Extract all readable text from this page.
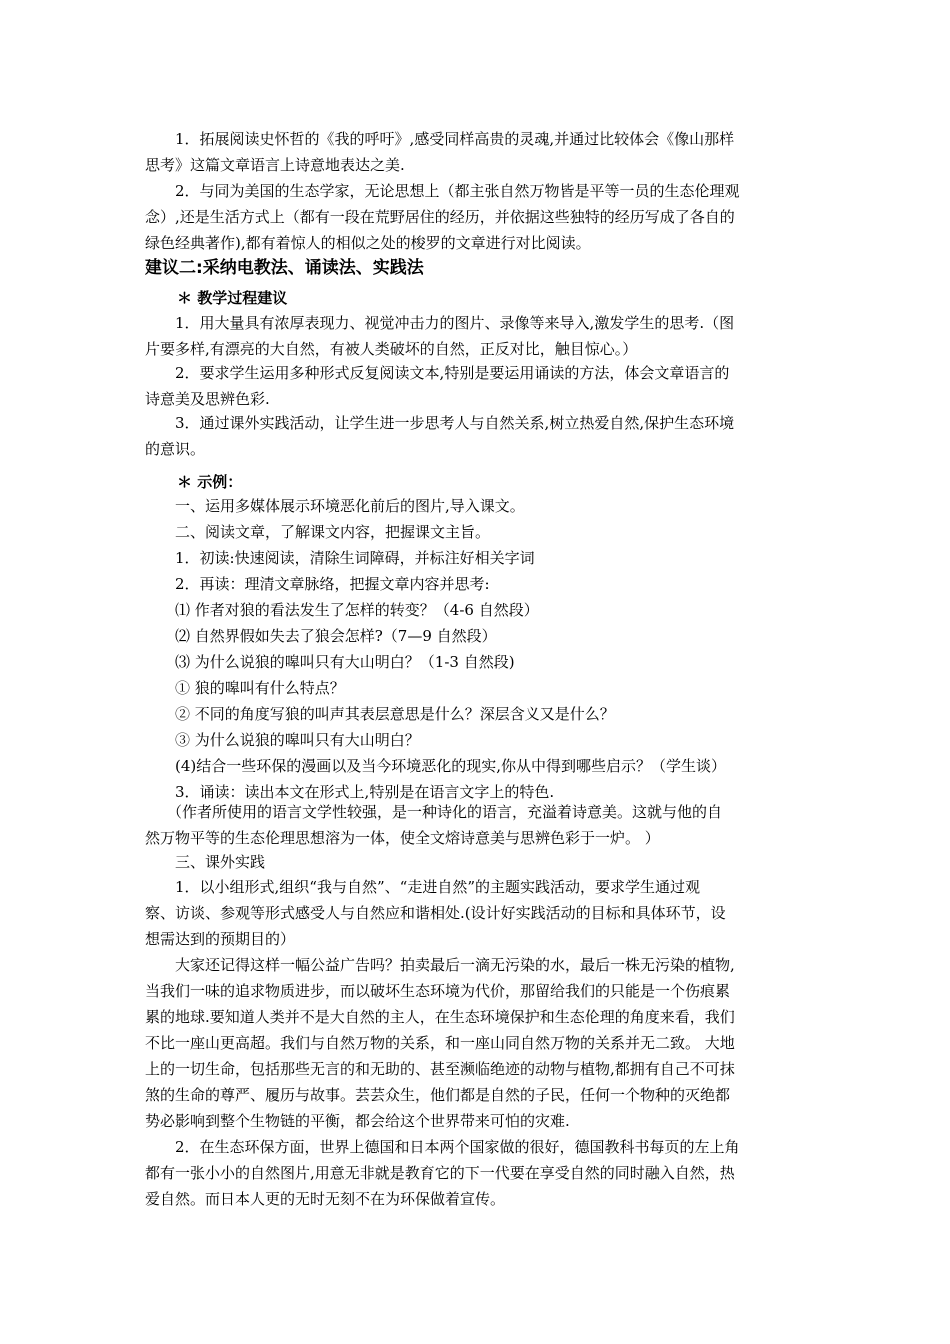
1．拓展阅读史怀哲的《我的呼吁》,感受同样高贵的灵魂,并通过比较体会《像山那样
思考》这篇文章语言上诗意地表达之美.
2．与同为美国的生态学家，无论思想上（都主张自然万物皆是平等一员的生态伦理观
念）,还是生活方式上（都有一段在荒野居住的经历，并依据这些独特的经历写成了各自的
绿色经典著作),都有着惊人的相似之处的梭罗的文章进行对比阅读。
建议二:采纳电教法、诵读法、实践法
＊ 教学过程建议
1．用大量具有浓厚表现力、视觉冲击力的图片、录像等来导入,激发学生的思考.（图
片要多样,有漂亮的大自然，有被人类破坏的自然，正反对比，触目惊心。）
2．要求学生运用多种形式反复阅读文本,特别是要运用诵读的方法，体会文章语言的
诗意美及思辨色彩.
3．通过课外实践活动，让学生进一步思考人与自然关系,树立热爱自然,保护生态环境
的意识。
＊ 示例：
一、运用多媒体展示环境恶化前后的图片,导入课文。
二、阅读文章，了解课文内容，把握课文主旨。
1．初读:快速阅读，清除生词障碍，并标注好相关字词
2．再读：理清文章脉络，把握文章内容并思考:
⑴ 作者对狼的看法发生了怎样的转变？（4-6 自然段）
⑵ 自然界假如失去了狼会怎样?（7—9 自然段）
⑶ 为什么说狼的嗥叫只有大山明白？（1-3 自然段)
① 狼的嗥叫有什么特点？
② 不同的角度写狼的叫声其表层意思是什么？深层含义又是什么？
③ 为什么说狼的嗥叫只有大山明白？
(4)结合一些环保的漫画以及当今环境恶化的现实,你从中得到哪些启示？（学生谈）
3．诵读：读出本文在形式上,特别是在语言文字上的特色.
（作者所使用的语言文学性较强，是一种诗化的语言，充溢着诗意美。这就与他的自
然万物平等的生态伦理思想溶为一体，使全文熔诗意美与思辨色彩于一炉。 ）
三、课外实践
1．以小组形式,组织“我与自然”、“走进自然”的主题实践活动，要求学生通过观
察、访谈、参观等形式感受人与自然应和谐相处.(设计好实践活动的目标和具体环节，设
想需达到的预期目的）
大家还记得这样一幅公益广告吗？拍卖最后一滴无污染的水，最后一株无污染的植物,
当我们一味的追求物质进步，而以破坏生态环境为代价，那留给我们的只能是一个伤痕累
累的地球.要知道人类并不是大自然的主人，在生态环境保护和生态伦理的角度来看，我们
不比一座山更高超。我们与自然万物的关系，和一座山同自然万物的关系并无二致。 大地
上的一切生命，包括那些无言的和无助的、甚至濒临绝迹的动物与植物,都拥有自己不可抹
煞的生命的尊严、履历与故事。芸芸众生，他们都是自然的子民，任何一个物种的灭绝都
势必影响到整个生物链的平衡，都会给这个世界带来可怕的灾难.
2．在生态环保方面，世界上德国和日本两个国家做的很好，德国教科书每页的左上角
都有一张小小的自然图片,用意无非就是教育它的下一代要在享受自然的同时融入自然，热
爱自然。而日本人更的无时无刻不在为环保做着宣传。
